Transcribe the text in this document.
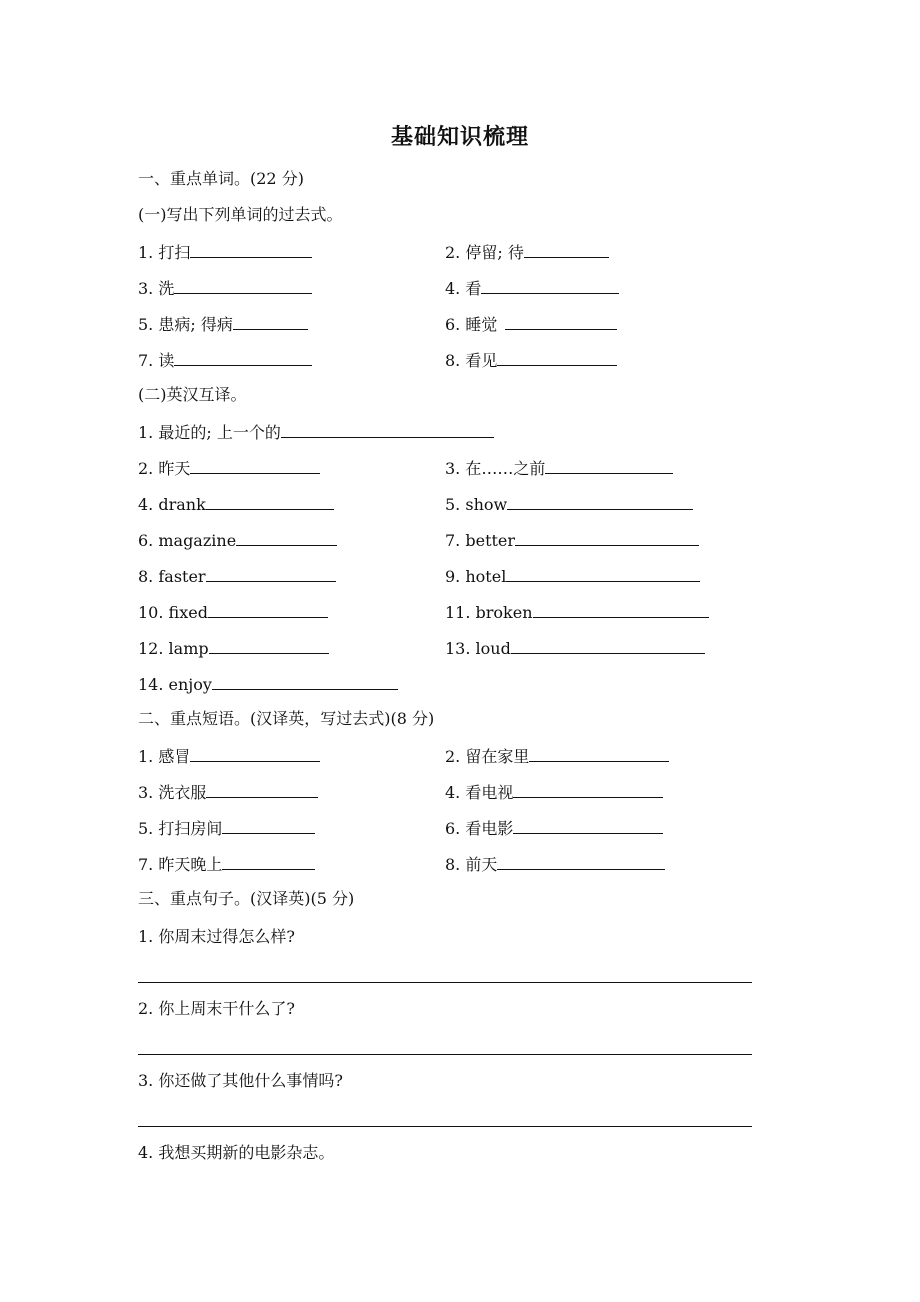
基础知识梳理
一、重点单词。(22 分)
(一)写出下列单词的过去式。
1. 打扫	2. 停留; 待
3. 洗	4. 看
5. 患病; 得病	6. 睡觉
7. 读	8. 看见
(二)英汉互译。
1. 最近的; 上一个的
2. 昨天	3. 在……之前
4. drank	5. show
6. magazine	7. better
8. faster	9. hotel
10. fixed	11. broken
12. lamp	13. loud
14. enjoy
二、重点短语。(汉译英，写过去式)(8 分)
1. 感冒	2. 留在家里
3. 洗衣服	4. 看电视
5. 打扫房间	6. 看电影
7. 昨天晚上	8. 前天
三、重点句子。(汉译英)(5 分)
1. 你周末过得怎么样?
2. 你上周末干什么了?
3. 你还做了其他什么事情吗?
4. 我想买期新的电影杂志。
